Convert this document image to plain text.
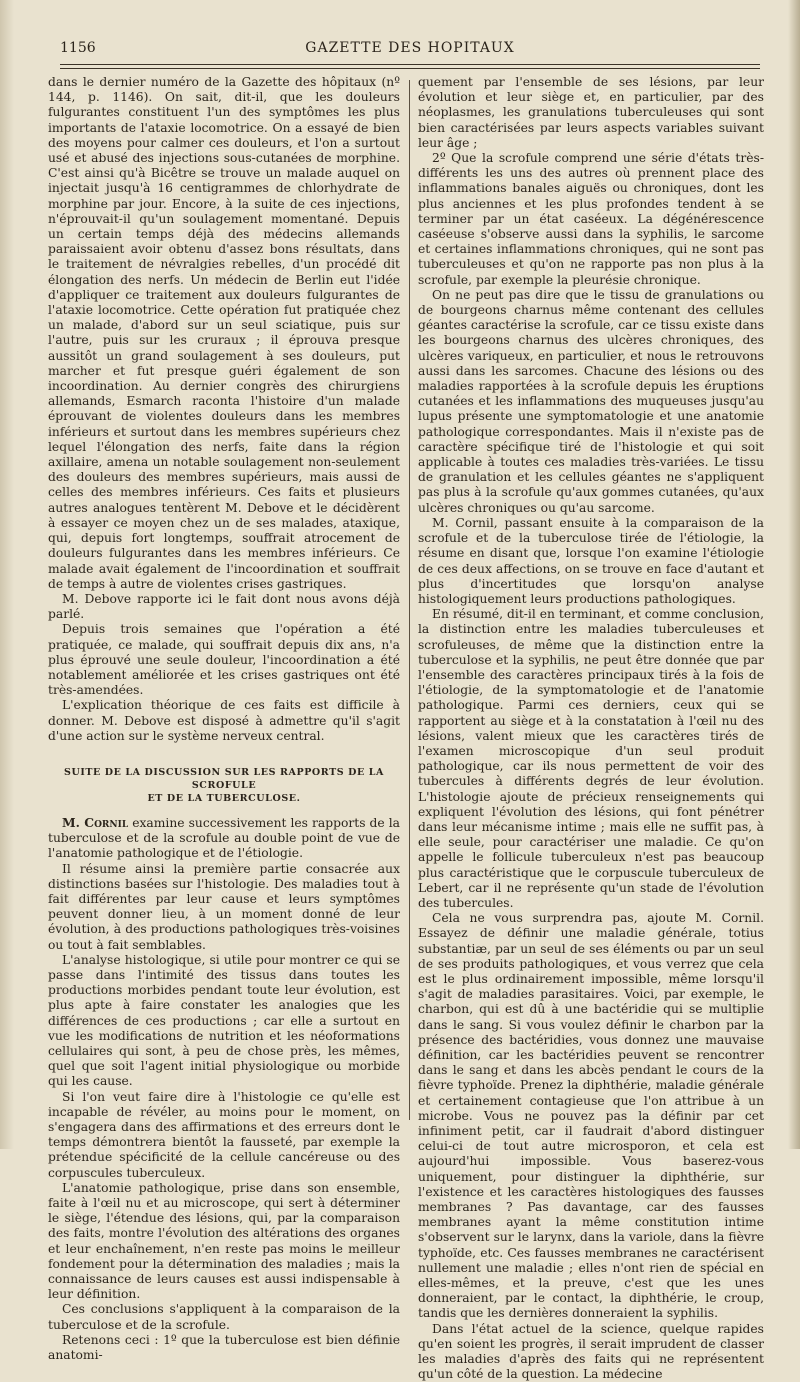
1156	GAZETTE DES HOPITAUX

dans le dernier numéro de la Gazette des hôpitaux (nº 144, p. 1146). On sait, dit-il, que les douleurs fulgurantes constituent l'un des symptômes les plus importants de l'ataxie locomotrice. On a essayé de bien des moyens pour calmer ces douleurs, et l'on a surtout usé et abusé des injections sous-cutanées de morphine. C'est ainsi qu'à Bicêtre se trouve un malade auquel on injectait jusqu'à 16 centigrammes de chlorhydrate de morphine par jour. Encore, à la suite de ces injections, n'éprouvait-il qu'un soulagement momentané. Depuis un certain temps déjà des médecins allemands paraissaient avoir obtenu d'assez bons résultats, dans le traitement de névralgies rebelles, d'un procédé dit élongation des nerfs. Un médecin de Berlin eut l'idée d'appliquer ce traitement aux douleurs fulgurantes de l'ataxie locomotrice. Cette opération fut pratiquée chez un malade, d'abord sur un seul sciatique, puis sur l'autre, puis sur les cruraux ; il éprouva presque aussitôt un grand soulagement à ses douleurs, put marcher et fut presque guéri également de son incoordination. Au dernier congrès des chirurgiens allemands, Esmarch raconta l'histoire d'un malade éprouvant de violentes douleurs dans les membres inférieurs et surtout dans les membres supérieurs chez lequel l'élongation des nerfs, faite dans la région axillaire, amena un notable soulagement non-seulement des douleurs des membres supérieurs, mais aussi de celles des membres inférieurs. Ces faits et plusieurs autres analogues tentèrent M. Debove et le décidèrent à essayer ce moyen chez un de ses malades, ataxique, qui, depuis fort longtemps, souffrait atrocement de douleurs fulgurantes dans les membres inférieurs. Ce malade avait également de l'incoordination et souffrait de temps à autre de violentes crises gastriques.

M. Debove rapporte ici le fait dont nous avons déjà parlé.

Depuis trois semaines que l'opération a été pratiquée, ce malade, qui souffrait depuis dix ans, n'a plus éprouvé une seule douleur, l'incoordination a été notablement améliorée et les crises gastriques ont été très-amendées.

L'explication théorique de ces faits est difficile à donner. M. Debove est disposé à admettre qu'il s'agit d'une action sur le système nerveux central.

SUITE DE LA DISCUSSION SUR LES RAPPORTS DE LA SCROFULE
ET DE LA TUBERCULOSE.

M. Cornil examine successivement les rapports de la tuberculose et de la scrofule au double point de vue de l'anatomie pathologique et de l'étiologie.

Il résume ainsi la première partie consacrée aux distinctions basées sur l'histologie. Des maladies tout à fait différentes par leur cause et leurs symptômes peuvent donner lieu, à un moment donné de leur évolution, à des productions pathologiques très-voisines ou tout à fait semblables.

L'analyse histologique, si utile pour montrer ce qui se passe dans l'intimité des tissus dans toutes les productions morbides pendant toute leur évolution, est plus apte à faire constater les analogies que les différences de ces productions ; car elle a surtout en vue les modifications de nutrition et les néoformations cellulaires qui sont, à peu de chose près, les mêmes, quel que soit l'agent initial physiologique ou morbide qui les cause.

Si l'on veut faire dire à l'histologie ce qu'elle est incapable de révéler, au moins pour le moment, on s'engagera dans des affirmations et des erreurs dont le temps démontrera bientôt la fausseté, par exemple la prétendue spécificité de la cellule cancéreuse ou des corpuscules tuberculeux.

L'anatomie pathologique, prise dans son ensemble, faite à l'œil nu et au microscope, qui sert à déterminer le siège, l'étendue des lésions, qui, par la comparaison des faits, montre l'évolution des altérations des organes et leur enchaînement, n'en reste pas moins le meilleur fondement pour la détermination des maladies ; mais la connaissance de leurs causes est aussi indispensable à leur définition.

Ces conclusions s'appliquent à la comparaison de la tuberculose et de la scrofule.

Retenons ceci : 1º que la tuberculose est bien définie anatomi-

quement par l'ensemble de ses lésions, par leur évolution et leur siège et, en particulier, par des néoplasmes, les granulations tuberculeuses qui sont bien caractérisées par leurs aspects variables suivant leur âge ;

2º Que la scrofule comprend une série d'états très-différents les uns des autres où prennent place des inflammations banales aiguës ou chroniques, dont les plus anciennes et les plus profondes tendent à se terminer par un état caséeux. La dégénérescence caséeuse s'observe aussi dans la syphilis, le sarcome et certaines inflammations chroniques, qui ne sont pas tuberculeuses et qu'on ne rapporte pas non plus à la scrofule, par exemple la pleurésie chronique.

On ne peut pas dire que le tissu de granulations ou de bourgeons charnus même contenant des cellules géantes caractérise la scrofule, car ce tissu existe dans les bourgeons charnus des ulcères chroniques, des ulcères variqueux, en particulier, et nous le retrouvons aussi dans les sarcomes. Chacune des lésions ou des maladies rapportées à la scrofule depuis les éruptions cutanées et les inflammations des muqueuses jusqu'au lupus présente une symptomatologie et une anatomie pathologique correspondantes. Mais il n'existe pas de caractère spécifique tiré de l'histologie et qui soit applicable à toutes ces maladies très-variées. Le tissu de granulation et les cellules géantes ne s'appliquent pas plus à la scrofule qu'aux gommes cutanées, qu'aux ulcères chroniques ou qu'au sarcome.

M. Cornil, passant ensuite à la comparaison de la scrofule et de la tuberculose tirée de l'étiologie, la résume en disant que, lorsque l'on examine l'étiologie de ces deux affections, on se trouve en face d'autant et plus d'incertitudes que lorsqu'on analyse histologiquement leurs productions pathologiques.

En résumé, dit-il en terminant, et comme conclusion, la distinction entre les maladies tuberculeuses et scrofuleuses, de même que la distinction entre la tuberculose et la syphilis, ne peut être donnée que par l'ensemble des caractères principaux tirés à la fois de l'étiologie, de la symptomatologie et de l'anatomie pathologique. Parmi ces derniers, ceux qui se rapportent au siège et à la constatation à l'œil nu des lésions, valent mieux que les caractères tirés de l'examen microscopique d'un seul produit pathologique, car ils nous permettent de voir des tubercules à différents degrés de leur évolution. L'histologie ajoute de précieux renseignements qui expliquent l'évolution des lésions, qui font pénétrer dans leur mécanisme intime ; mais elle ne suffit pas, à elle seule, pour caractériser une maladie. Ce qu'on appelle le follicule tuberculeux n'est pas beaucoup plus caractéristique que le corpuscule tuberculeux de Lebert, car il ne représente qu'un stade de l'évolution des tubercules.

Cela ne vous surprendra pas, ajoute M. Cornil. Essayez de définir une maladie générale, totius substantiæ, par un seul de ses éléments ou par un seul de ses produits pathologiques, et vous verrez que cela est le plus ordinairement impossible, même lorsqu'il s'agit de maladies parasitaires. Voici, par exemple, le charbon, qui est dû à une bactéridie qui se multiplie dans le sang. Si vous voulez définir le charbon par la présence des bactéridies, vous donnez une mauvaise définition, car les bactéridies peuvent se rencontrer dans le sang et dans les abcès pendant le cours de la fièvre typhoïde. Prenez la diphthérie, maladie générale et certainement contagieuse que l'on attribue à un microbe. Vous ne pouvez pas la définir par cet infiniment petit, car il faudrait d'abord distinguer celui-ci de tout autre microsporon, et cela est aujourd'hui impossible. Vous baserez-vous uniquement, pour distinguer la diphthérie, sur l'existence et les caractères histologiques des fausses membranes ? Pas davantage, car des fausses membranes ayant la même constitution intime s'observent sur le larynx, dans la variole, dans la fièvre typhoïde, etc. Ces fausses membranes ne caractérisent nullement une maladie ; elles n'ont rien de spécial en elles-mêmes, et la preuve, c'est que les unes donneraient, par le contact, la diphthérie, le croup, tandis que les dernières donneraient la syphilis.

Dans l'état actuel de la science, quelque rapides qu'en soient les progrès, il serait imprudent de classer les maladies d'après des faits qui ne représentent qu'un côté de la question. La médecine
